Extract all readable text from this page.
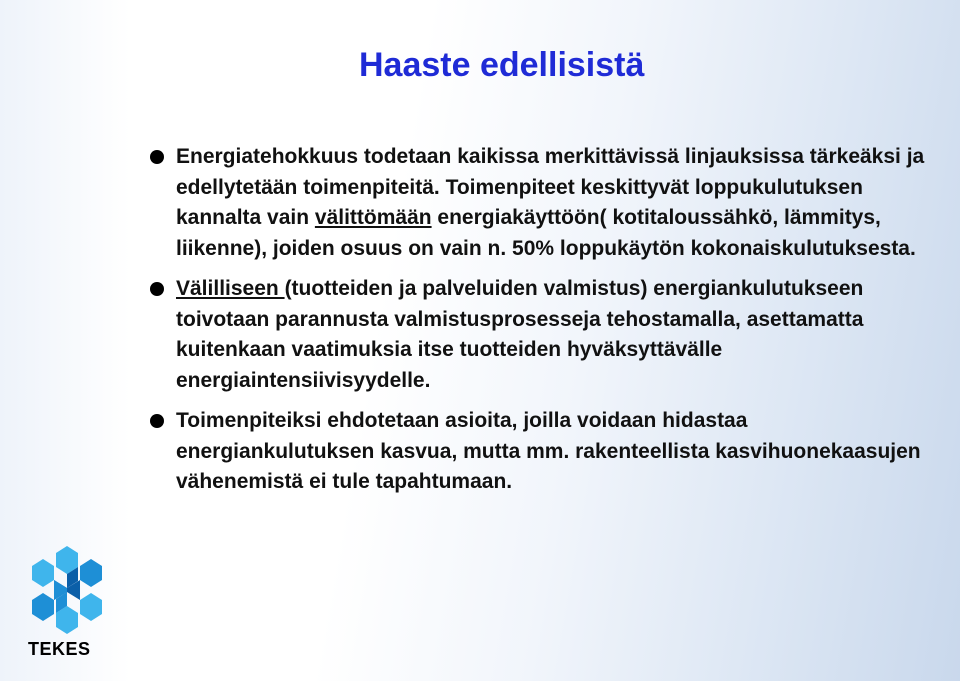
Haaste edellisistä
Energiatehokkuus todetaan kaikissa merkittävissä linjauksissa tärkeäksi ja edellytetään toimenpiteitä. Toimenpiteet keskittyvät loppukulutuksen kannalta vain välittömään energiakäyttöön( kotitaloussähkö, lämmitys, liikenne), joiden osuus on vain n. 50% loppukäytön kokonaiskulutuksesta.
Välilliseen (tuotteiden ja palveluiden valmistus) energiankulutukseen toivotaan parannusta valmistusprosesseja tehostamalla, asettamatta kuitenkaan vaatimuksia itse tuotteiden hyväksyttävälle energiaintensiivisyydelle.
Toimenpiteiksi ehdotetaan asioita, joilla voidaan hidastaa energiankulutuksen kasvua, mutta mm. rakenteellista kasvihuonekaasujen vähenemistä ei tule tapahtumaan.
TEKES
